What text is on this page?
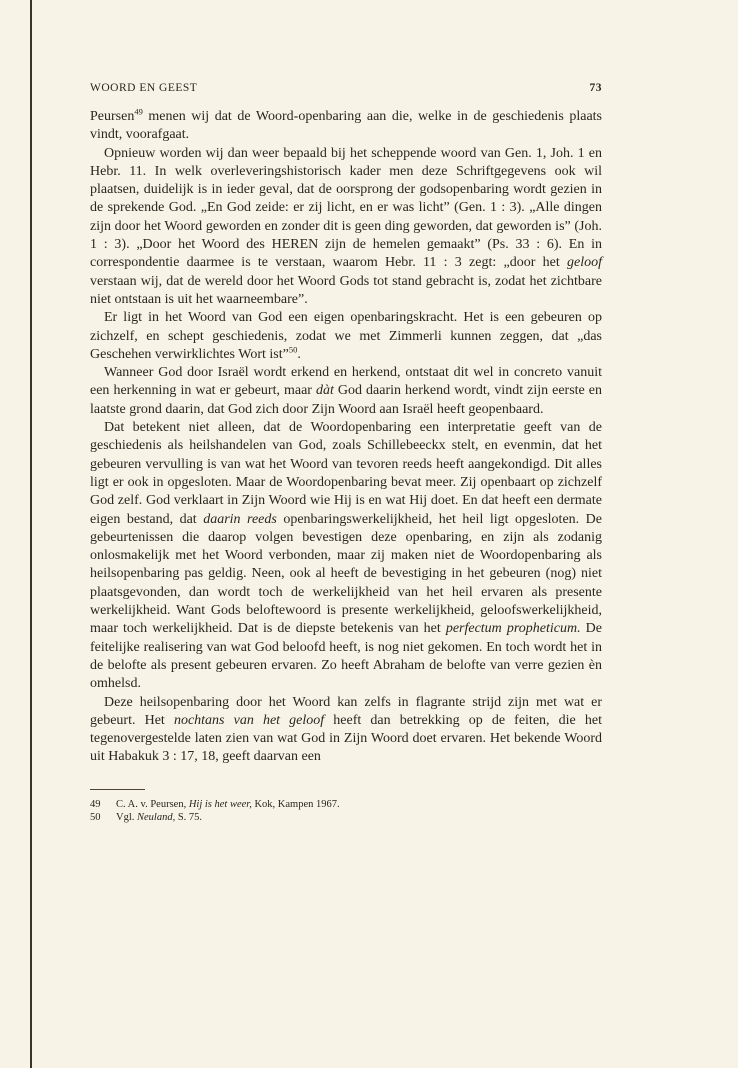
WOORD EN GEEST	73

Peursen$^{49}$ menen wij dat de Woord-openbaring aan die, welke in de geschiedenis plaats vindt, voorafgaat.

Opnieuw worden wij dan weer bepaald bij het scheppende woord van Gen. 1, Joh. 1 en Hebr. 11. In welk overleveringshistorisch kader men deze Schriftgegevens ook wil plaatsen, duidelijk is in ieder geval, dat de oorsprong der godsopenbaring wordt gezien in de sprekende God. „En God zeide: er zij licht, en er was licht” (Gen. 1 : 3). „Alle dingen zijn door het Woord geworden en zonder dit is geen ding geworden, dat geworden is” (Joh. 1 : 3). „Door het Woord des HEREN zijn de hemelen gemaakt” (Ps. 33 : 6). En in correspondentie daarmee is te verstaan, waarom Hebr. 11 : 3 zegt: „door het geloof verstaan wij, dat de wereld door het Woord Gods tot stand gebracht is, zodat het zichtbare niet ontstaan is uit het waarneembare”.

Er ligt in het Woord van God een eigen openbaringskracht. Het is een gebeuren op zichzelf, en schept geschiedenis, zodat we met Zimmerli kunnen zeggen, dat „das Geschehen verwirklichtes Wort ist”$^{50}$.

Wanneer God door Israël wordt erkend en herkend, ontstaat dit wel in concreto vanuit een herkenning in wat er gebeurt, maar dàt God daarin herkend wordt, vindt zijn eerste en laatste grond daarin, dat God zich door Zijn Woord aan Israël heeft geopenbaard.

Dat betekent niet alleen, dat de Woordopenbaring een interpretatie geeft van de geschiedenis als heilshandelen van God, zoals Schillebeeckx stelt, en evenmin, dat het gebeuren vervulling is van wat het Woord van tevoren reeds heeft aangekondigd. Dit alles ligt er ook in opgesloten. Maar de Woordopenbaring bevat meer. Zij openbaart op zichzelf God zelf. God verklaart in Zijn Woord wie Hij is en wat Hij doet. En dat heeft een dermate eigen bestand, dat daarin reeds openbaringswerkelijkheid, het heil ligt opgesloten. De gebeurtenissen die daarop volgen bevestigen deze openbaring, en zijn als zodanig onlosmakelijk met het Woord verbonden, maar zij maken niet de Woordopenbaring als heilsopenbaring pas geldig. Neen, ook al heeft de bevestiging in het gebeuren (nog) niet plaatsgevonden, dan wordt toch de werkelijkheid van het heil ervaren als presente werkelijkheid. Want Gods beloftewoord is presente werkelijkheid, geloofswerkelijkheid, maar toch werkelijkheid. Dat is de diepste betekenis van het perfectum propheticum. De feitelijke realisering van wat God beloofd heeft, is nog niet gekomen. En toch wordt het in de belofte als present gebeuren ervaren. Zo heeft Abraham de belofte van verre gezien èn omhelsd.

Deze heilsopenbaring door het Woord kan zelfs in flagrante strijd zijn met wat er gebeurt. Het nochtans van het geloof heeft dan betrekking op de feiten, die het tegenovergestelde laten zien van wat God in Zijn Woord doet ervaren. Het bekende Woord uit Habakuk 3 : 17, 18, geeft daarvan een

49	C. A. v. Peursen, Hij is het weer, Kok, Kampen 1967.
50	Vgl. Neuland, S. 75.
